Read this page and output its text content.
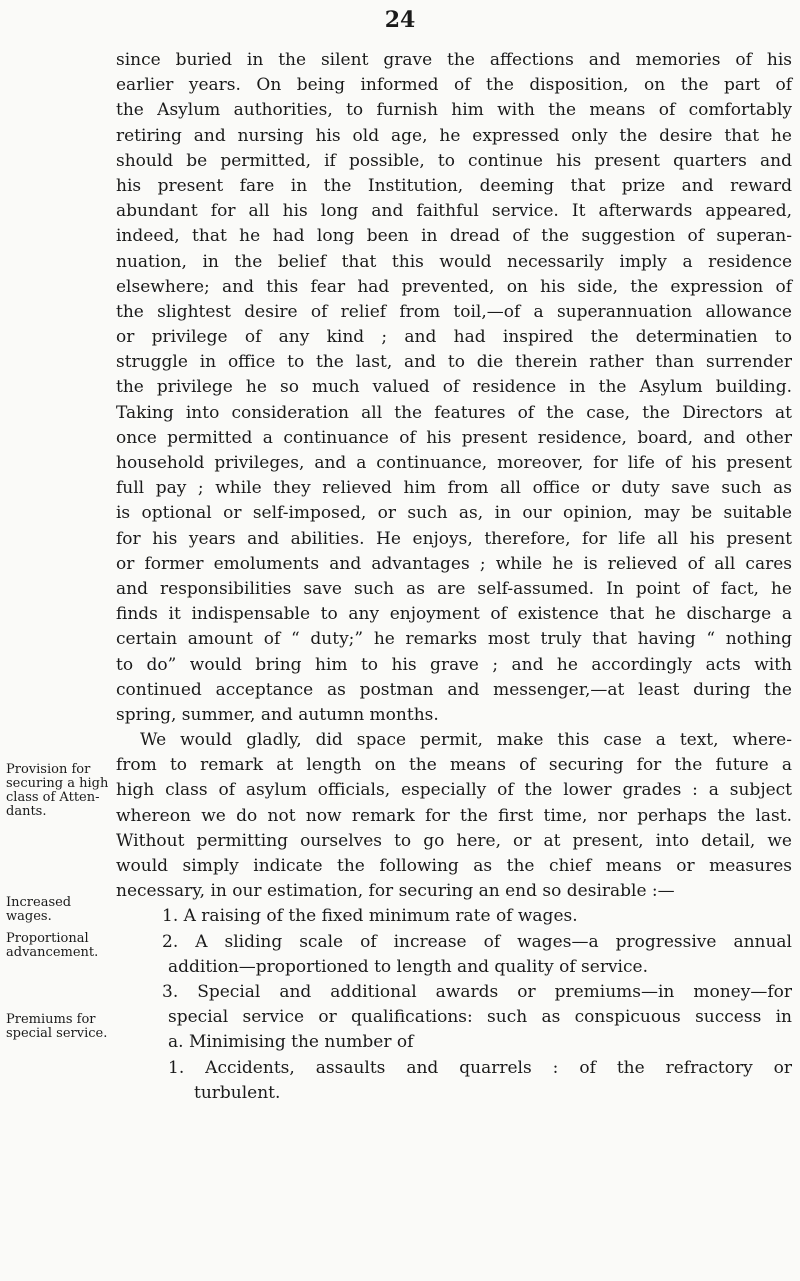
24
Provision for securing a high class of Atten-dants.
Increased wages.
Proportional advancement.
Premiums for special service.
since buried in the silent grave the affections and memories of his
earlier years. On being informed of the disposition, on the part of
the Asylum authorities, to furnish him with the means of comfortably
retiring and nursing his old age, he expressed only the desire that he
should be permitted, if possible, to continue his present quarters and
his present fare in the Institution, deeming that prize and reward
abundant for all his long and faithful service. It afterwards appeared,
indeed, that he had long been in dread of the suggestion of superan-
nuation, in the belief that this would necessarily imply a residence
elsewhere; and this fear had prevented, on his side, the expression of
the slightest desire of relief from toil,—of a superannuation allowance
or privilege of any kind ; and had inspired the determinatien to
struggle in office to the last, and to die therein rather than surrender
the privilege he so much valued of residence in the Asylum building.
Taking into consideration all the features of the case, the Directors at
once permitted a continuance of his present residence, board, and other
household privileges, and a continuance, moreover, for life of his present
full pay ; while they relieved him from all office or duty save such as
is optional or self-imposed, or such as, in our opinion, may be suitable
for his years and abilities. He enjoys, therefore, for life all his present
or former emoluments and advantages ; while he is relieved of all cares
and responsibilities save such as are self-assumed. In point of fact, he
finds it indispensable to any enjoyment of existence that he discharge a
certain amount of “ duty;” he remarks most truly that having “ nothing
to do” would bring him to his grave ; and he accordingly acts with
continued acceptance as postman and messenger,—at least during the
spring, summer, and autumn months.
We would gladly, did space permit, make this case a text, where-
from to remark at length on the means of securing for the future a
high class of asylum officials, especially of the lower grades : a subject
whereon we do not now remark for the first time, nor perhaps the last.
Without permitting ourselves to go here, or at present, into detail, we
would simply indicate the following as the chief means or measures
necessary, in our estimation, for securing an end so desirable :—
1. A raising of the fixed minimum rate of wages.
2. A sliding scale of increase of wages—a progressive annual
addition—proportioned to length and quality of service.
3. Special and additional awards or premiums—in money—for
special service or qualifications: such as conspicuous success in
a. Minimising the number of
1. Accidents, assaults and quarrels : of the refractory or
turbulent.
